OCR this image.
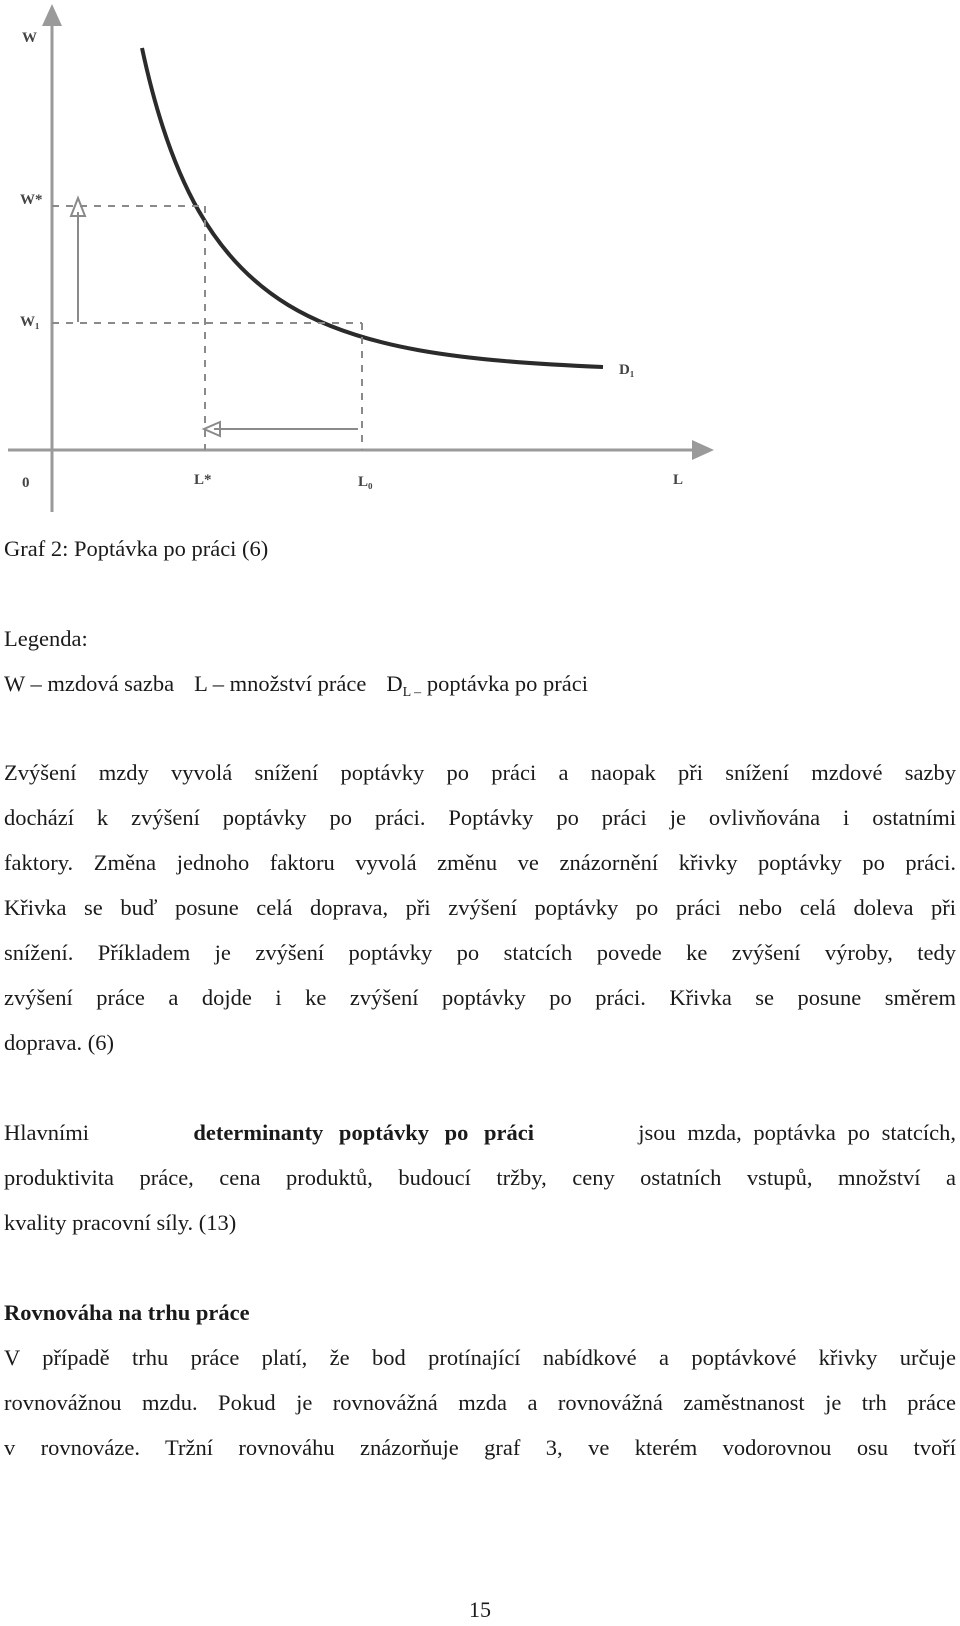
W
W*
W₁
0	L*	L₀	L
D₁
Graf 2: Poptávka po práci (6)
Legenda:
W – mzdová sazba L – množství práce $D_{L -}$ poptávka po práci
Zvýšení mzdy vyvolá snížení poptávky po práci a naopak při snížení mzdové sazby
dochází k zvýšení poptávky po práci. Poptávky po práci je ovlivňována i ostatními
faktory. Změna jednoho faktoru vyvolá změnu ve znázornění křivky poptávky po práci.
Křivka se buď posune celá doprava, při zvýšení poptávky po práci nebo celá doleva při
snížení. Příkladem je zvýšení poptávky po statcích povede ke zvýšení výroby, tedy
zvýšení práce a dojde i ke zvýšení poptávky po práci. Křivka se posune směrem
doprava. (6)
Hlavními	determinanty poptávky po práci	jsou mzda, poptávka po statcích,
produktivita práce, cena produktů, budoucí tržby, ceny ostatních vstupů, množství a
kvality pracovní síly. (13)
Rovnováha na trhu práce
V případě trhu práce platí, že bod protínající nabídkové a poptávkové křivky určuje
rovnovážnou mzdu. Pokud je rovnovážná mzda a rovnovážná zaměstnanost je trh práce
v rovnováze. Tržní rovnováhu znázorňuje graf 3, ve kterém vodorovnou osu tvoří
15
